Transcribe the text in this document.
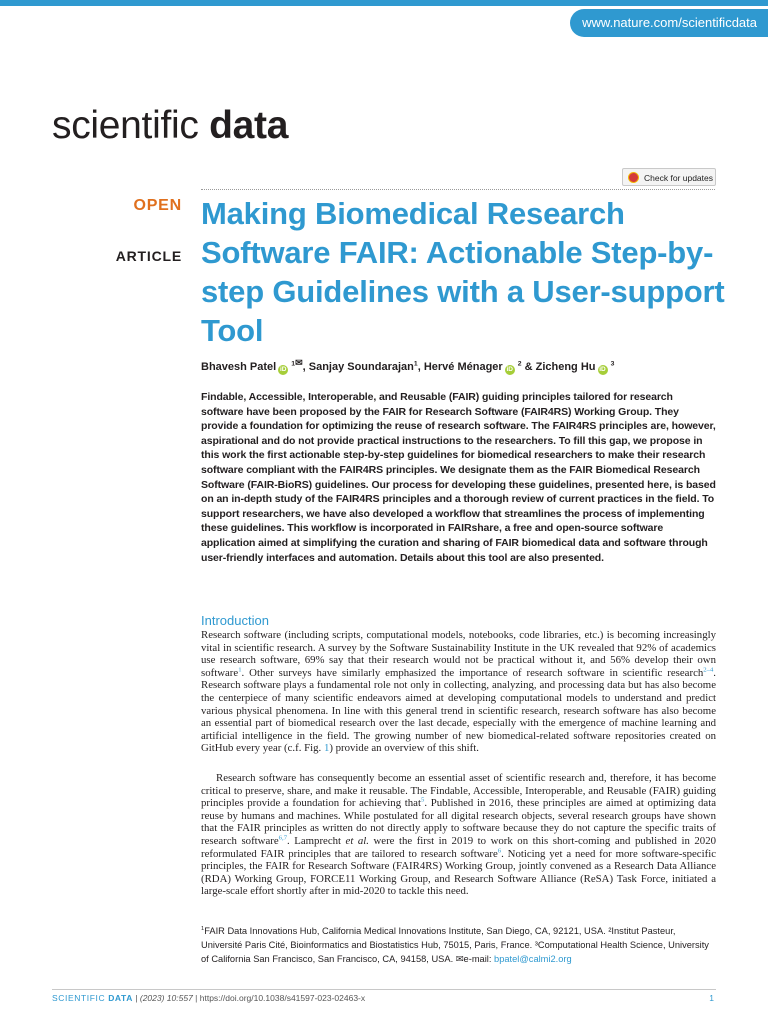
www.nature.com/scientificdata
scientific data
Check for updates
OPEN
ARTICLE
Making Biomedical Research Software FAIR: Actionable Step-by-step Guidelines with a User-support Tool
Bhavesh Patel iD $^{1✉}$, Sanjay Soundarajan$^1$, Hervé Ménager iD $^2$ & Zicheng Hu iD $^3$

Findable, Accessible, Interoperable, and Reusable (FAIR) guiding principles tailored for research software have been proposed by the FAIR for Research Software (FAIR4RS) Working Group. They provide a foundation for optimizing the reuse of research software. The FAIR4RS principles are, however, aspirational and do not provide practical instructions to the researchers. To fill this gap, we propose in this work the first actionable step-by-step guidelines for biomedical researchers to make their research software compliant with the FAIR4RS principles. We designate them as the FAIR Biomedical Research Software (FAIR-BioRS) guidelines. Our process for developing these guidelines, presented here, is based on an in-depth study of the FAIR4RS principles and a thorough review of current practices in the field. To support researchers, we have also developed a workflow that streamlines the process of implementing these guidelines. This workflow is incorporated in FAIRshare, a free and open-source software application aimed at simplifying the curation and sharing of FAIR biomedical data and software through user-friendly interfaces and automation. Details about this tool are also presented.

Introduction

Research software (including scripts, computational models, notebooks, code libraries, etc.) is becoming increasingly vital in scientific research. A survey by the Software Sustainability Institute in the UK revealed that 92% of academics use research software, 69% say that their research would not be practical without it, and 56% develop their own software$^1$. Other surveys have similarly emphasized the importance of research software in scientific research$^{2-4}$. Research software plays a fundamental role not only in collecting, analyzing, and processing data but has also become the centerpiece of many scientific endeavors aimed at developing computational models to understand and predict various physical phenomena. In line with this general trend in scientific research, research software has also become an essential part of biomedical research over the last decade, especially with the emergence of machine learning and artificial intelligence in the field. The growing number of new biomedical-related software repositories created on GitHub every year (c.f. Fig. 1) provide an overview of this shift.

Research software has consequently become an essential asset of scientific research and, therefore, it has become critical to preserve, share, and make it reusable. The Findable, Accessible, Interoperable, and Reusable (FAIR) guiding principles provide a foundation for achieving that$^5$. Published in 2016, these principles are aimed at optimizing data reuse by humans and machines. While postulated for all digital research objects, several research groups have shown that the FAIR principles as written do not directly apply to software because they do not capture the specific traits of research software$^{6,7}$. Lamprecht et al. were the first in 2019 to work on this short-coming and published in 2020 reformulated FAIR principles that are tailored to research software$^6$. Noticing yet a need for more software-specific principles, the FAIR for Research Software (FAIR4RS) Working Group, jointly convened as a Research Data Alliance (RDA) Working Group, FORCE11 Working Group, and Research Software Alliance (ReSA) Task Force, initiated a large-scale effort shortly after in mid-2020 to tackle this need.

$^1$FAIR Data Innovations Hub, California Medical Innovations Institute, San Diego, CA, 92121, USA. ²Institut Pasteur, Université Paris Cité, Bioinformatics and Biostatistics Hub, 75015, Paris, France. ³Computational Health Science, University of California San Francisco, San Francisco, CA, 94158, USA. ✉e-mail: bpatel@calmi2.org

SCIENTIFIC DATA | (2023) 10:557 | https://doi.org/10.1038/s41597-023-02463-x	1
